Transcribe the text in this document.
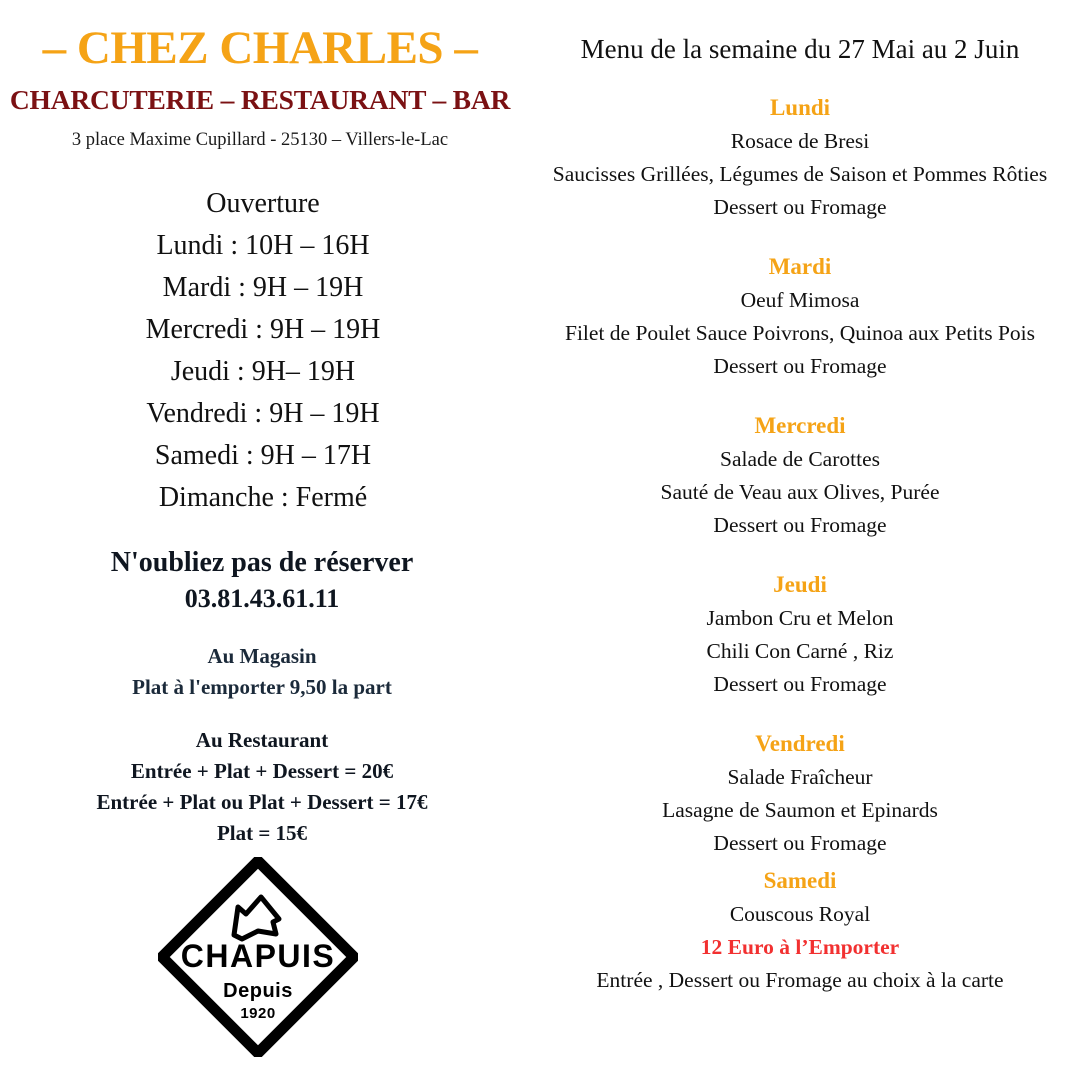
– CHEZ CHARLES –
CHARCUTERIE – RESTAURANT – BAR
3 place Maxime Cupillard - 25130 – Villers-le-Lac
Ouverture
Lundi : 10H – 16H
Mardi : 9H – 19H
Mercredi : 9H – 19H
Jeudi : 9H– 19H
Vendredi : 9H – 19H
Samedi : 9H – 17H
Dimanche : Fermé
N'oubliez pas de réserver
03.81.43.61.11
Au Magasin
Plat à l'emporter 9,50 la part
Au Restaurant
Entrée + Plat + Dessert = 20€
Entrée + Plat ou Plat + Dessert = 17€
Plat = 15€
CHAPUIS
Depuis
1920
Menu de la semaine du 27 Mai au 2 Juin
Lundi
Rosace de Bresi
Saucisses Grillées, Légumes de Saison et Pommes Rôties
Dessert ou Fromage
Mardi
Oeuf Mimosa
Filet de Poulet Sauce Poivrons, Quinoa aux Petits Pois
Dessert ou Fromage
Mercredi
Salade de Carottes
Sauté de Veau aux Olives, Purée
Dessert ou Fromage
Jeudi
Jambon Cru et Melon
Chili Con Carné , Riz
Dessert ou Fromage
Vendredi
Salade Fraîcheur
Lasagne de Saumon et Epinards
Dessert ou Fromage
Samedi
Couscous Royal
12 Euro à l’Emporter
Entrée , Dessert ou Fromage au choix à la carte
